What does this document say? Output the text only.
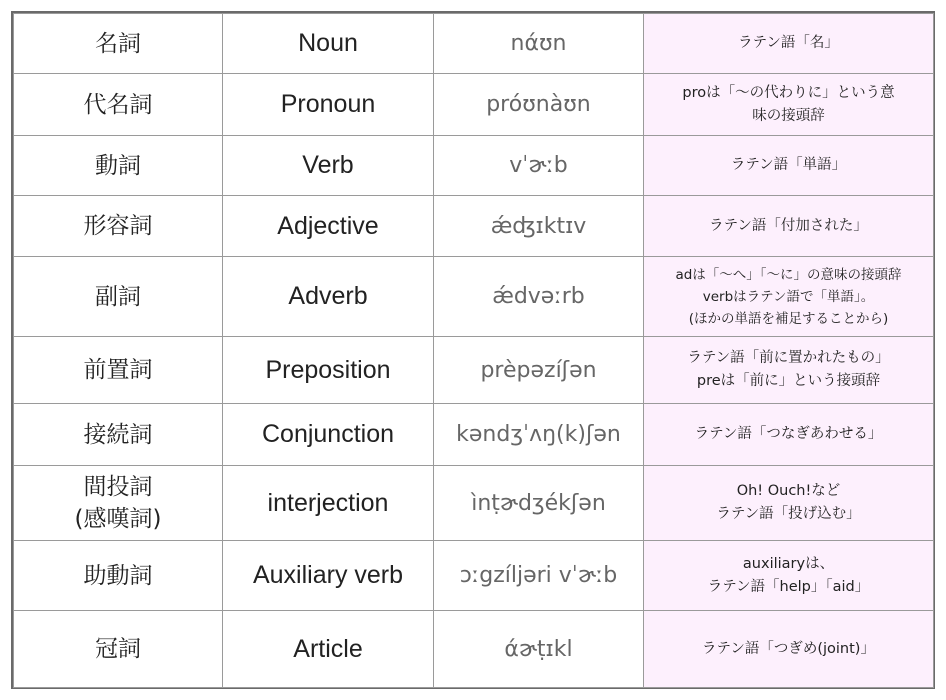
名詞	Noun	nάʊn	ラテン語「名」

代名詞	Pronoun	próʊnàʊn	proは「〜の代わりに」という意
味の接頭辞

動詞	Verb	vˈɚːb	ラテン語「単語」

形容詞	Adjective	ǽʤɪktɪv	ラテン語「付加された」

副詞	Adverb	ǽdvəːrb	adは「〜へ」「〜に」の意味の接頭辞
verbはラテン語で「単語」。
(ほかの単語を補足することから)

前置詞	Preposition	prèpəzíʃən	ラテン語「前に置かれたもの」
preは「前に」という接頭辞

接続詞	Conjunction	kəndʒˈʌŋ(k)ʃən	ラテン語「つなぎあわせる」

間投詞
(感嘆詞)	interjection	ìnṭɚdʒékʃən	Oh! Ouch!など
ラテン語「投げ込む」

助動詞	Auxiliary verb	ɔːgzíljəri vˈɚːb	auxiliaryは、
ラテン語「help」「aid」

冠詞	Article	άɚṭɪkl	ラテン語「つぎめ(joint)」
